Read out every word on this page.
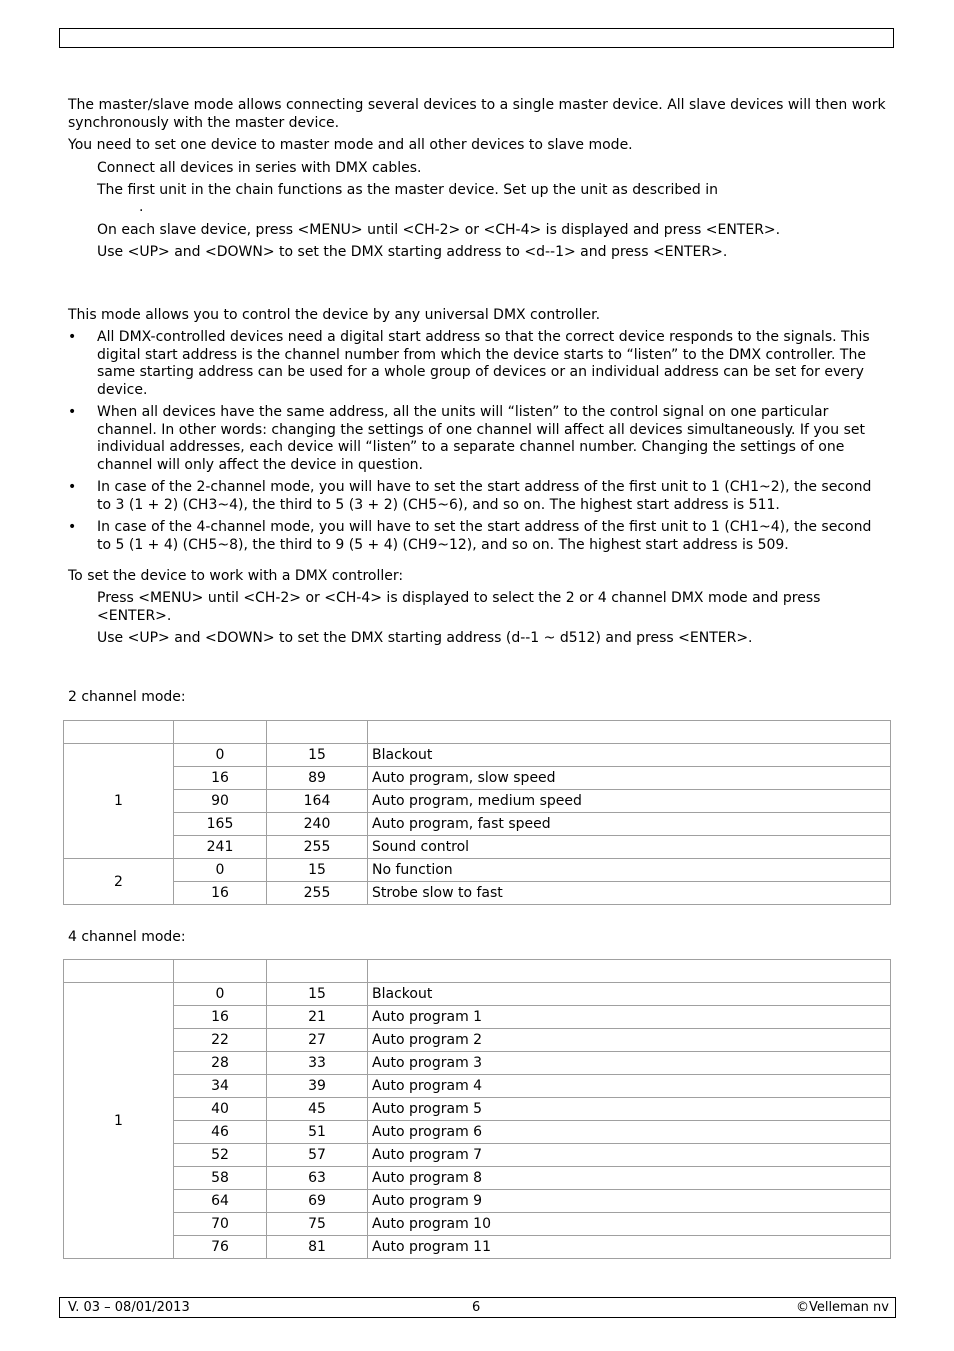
The master/slave mode allows connecting several devices to a single master device. All slave devices will then work synchronously with the master device.

You need to set one device to master mode and all other devices to slave mode.

Connect all devices in series with DMX cables.

The first unit in the chain functions as the master device. Set up the unit as described in

.

On each slave device, press <MENU> until <CH-2> or <CH-4> is displayed and press <ENTER>.

Use <UP> and <DOWN> to set the DMX starting address to <d--1> and press <ENTER>.

This mode allows you to control the device by any universal DMX controller.

• All DMX-controlled devices need a digital start address so that the correct device responds to the signals. This digital start address is the channel number from which the device starts to “listen” to the DMX controller. The same starting address can be used for a whole group of devices or an individual address can be set for every device.

• When all devices have the same address, all the units will “listen” to the control signal on one particular channel. In other words: changing the settings of one channel will affect all devices simultaneously. If you set individual addresses, each device will “listen” to a separate channel number. Changing the settings of one channel will only affect the device in question.

• In case of the 2-channel mode, you will have to set the start address of the first unit to 1 (CH1~2), the second to 3 (1 + 2) (CH3~4), the third to 5 (3 + 2) (CH5~6), and so on. The highest start address is 511.

• In case of the 4-channel mode, you will have to set the start address of the first unit to 1 (CH1~4), the second to 5 (1 + 4) (CH5~8), the third to 9 (5 + 4) (CH9~12), and so on. The highest start address is 509.

To set the device to work with a DMX controller:

Press <MENU> until <CH-2> or <CH-4> is displayed to select the 2 or 4 channel DMX mode and press <ENTER>.

Use <UP> and <DOWN> to set the DMX starting address (d--1 ~ d512) and press <ENTER>.

2 channel mode:

1	0	15	Blackout
	16	89	Auto program, slow speed
	90	164	Auto program, medium speed
	165	240	Auto program, fast speed
	241	255	Sound control
2	0	15	No function
	16	255	Strobe slow to fast

4 channel mode:

1	0	15	Blackout
	16	21	Auto program 1
	22	27	Auto program 2
	28	33	Auto program 3
	34	39	Auto program 4
	40	45	Auto program 5
	46	51	Auto program 6
	52	57	Auto program 7
	58	63	Auto program 8
	64	69	Auto program 9
	70	75	Auto program 10
	76	81	Auto program 11
V. 03 – 08/01/2013	6	©Velleman nv
